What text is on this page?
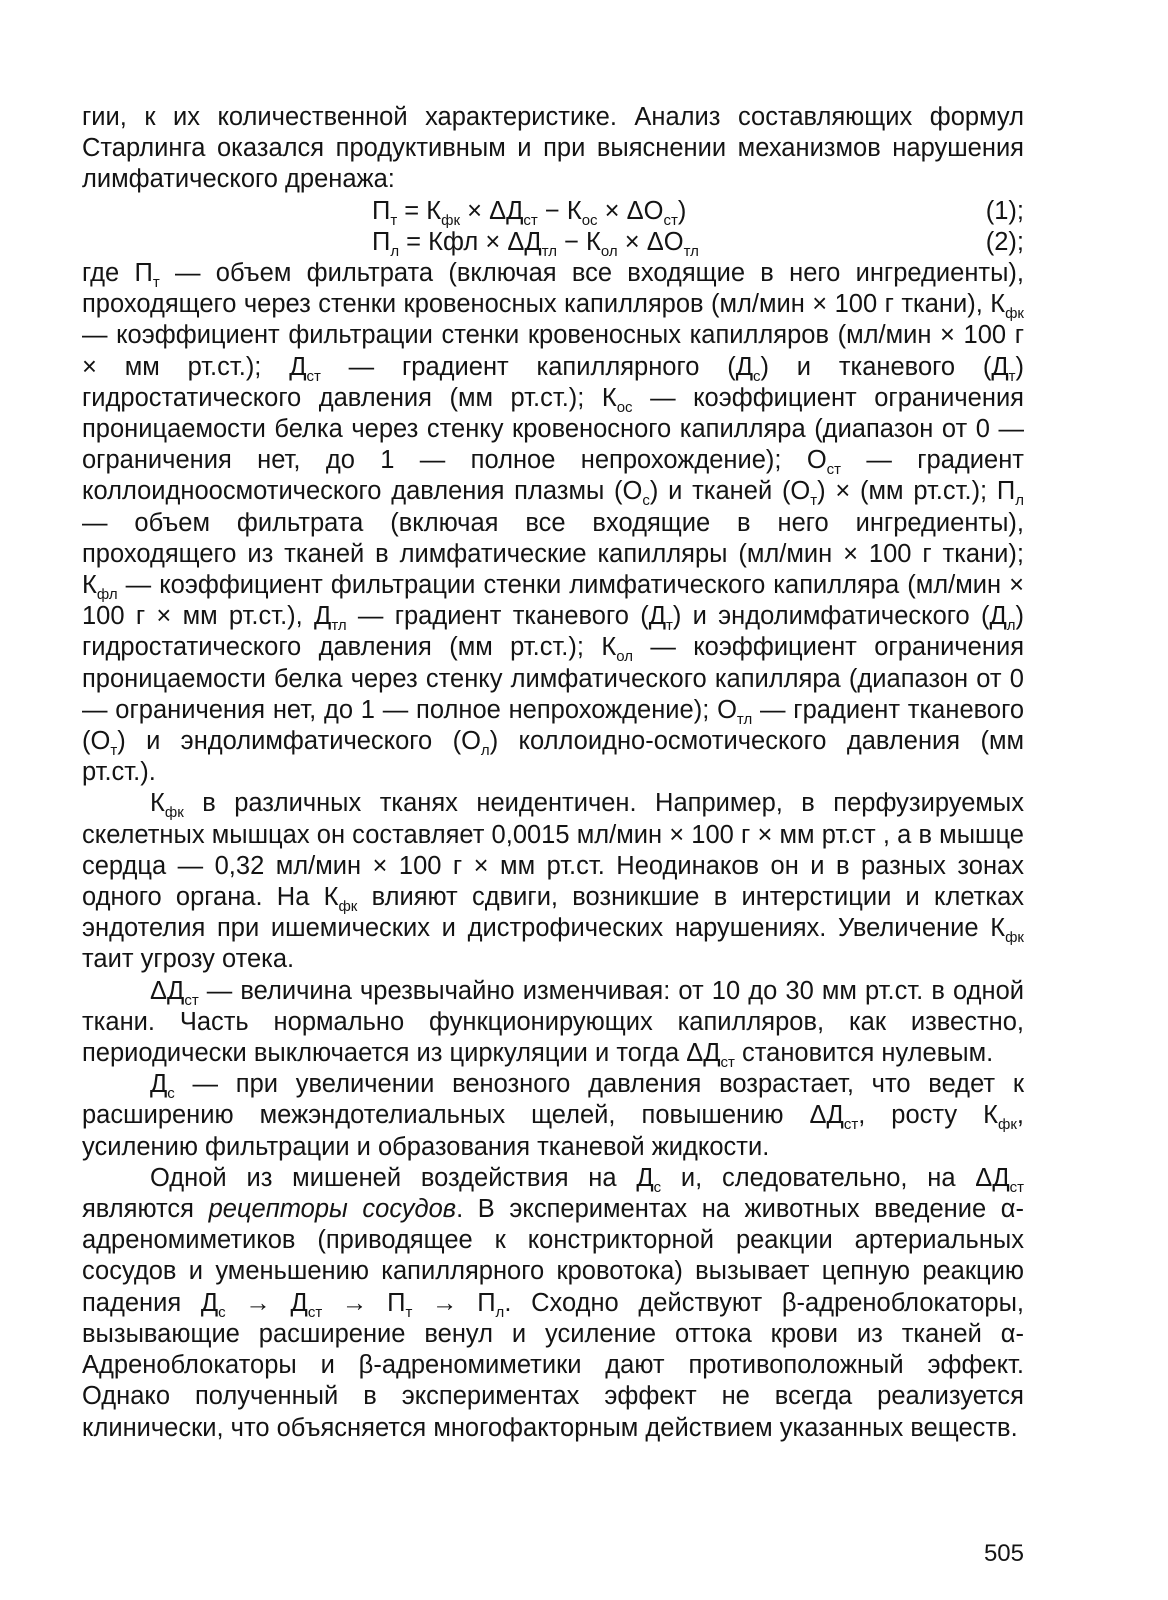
гии, к их количественной характеристике. Анализ составляющих формул Старлинга оказался продуктивным и при выяснении механизмов нарушения лимфатического дренажа:

$П_т = К_{фк} \times \Delta Д_{ст} - К_{ос} \times \Delta О_{ст}$)	(1);
$П_л$ = Кфл × $\Delta Д_{тл} - К_{ол} \times \Delta О_{тл}$	(2);

где $П_т$ — объем фильтрата (включая все входящие в него ингредиенты), проходящего через стенки кровеносных капилляров (мл/мин × 100 г ткани), $К_{фк}$ — коэффициент фильтрации стенки кровеносных капилляров (мл/мин × 100 г × мм рт.ст.); $Д_{ст}$ — градиент капиллярного $(Д_с)$ и тканевого $(Д_т)$ гидростатического давления (мм рт.ст.); $К_{ос}$ — коэффициент ограничения проницаемости белка через стенку кровеносного капилляра (диапазон от 0 — ограничения нет, до 1 — полное непрохождение); $О_{ст}$ — градиент коллоидноосмотического давления плазмы $(О_с)$ и тканей $(О_т) \times (мм$ рт.ст.); $П_л$ — объем фильтрата (включая все входящие в него ингредиенты), проходящего из тканей в лимфатические капилляры (мл/мин × 100 г ткани); $К_{фл}$ — коэффициент фильтрации стенки лимфатического капилляра (мл/мин × 100 г × мм рт.ст.), $Д_{тл}$ — градиент тканевого $(Д_т)$ и эндолимфатического $(Д_л)$ гидростатического давления (мм рт.ст.); $К_{ол}$ — коэффициент ограничения проницаемости белка через стенку лимфатического капилляра (диапазон от 0 — ограничения нет, до 1 — полное непрохождение); $О_{тл}$ — градиент тканевого $(О_т)$ и эндолимфатического $(О_л)$ коллоидно-осмотического давления (мм рт.ст.).

$К_{фк}$ в различных тканях неидентичен. Например, в перфузируемых скелетных мышцах он составляет 0,0015 мл/мин × 100 г × мм рт.ст , а в мышце сердца — 0,32 мл/мин × 100 г × мм рт.ст. Неодинаков он и в разных зонах одного органа. На $К_{фк}$ влияют сдвиги, возникшие в интерстиции и клетках эндотелия при ишемических и дистрофических нарушениях. Увеличение $К_{фк}$ таит угрозу отека.

$\Delta Д_{ст}$ — величина чрезвычайно изменчивая: от 10 до 30 мм рт.ст. в одной ткани. Часть нормально функционирующих капилляров, как известно, периодически выключается из циркуляции и тогда $\Delta Д_{ст}$ становится нулевым.

$Д_с$ — при увеличении венозного давления возрастает, что ведет к расширению межэндотелиальных щелей, повышению $\Delta Д_{ст}$, росту $К_{фк}$, усилению фильтрации и образования тканевой жидкости.

Одной из мишеней воздействия на $Д_с$ и, следовательно, на $\Delta Д_{ст}$ являются рецепторы сосудов. В экспериментах на животных введение α-адреномиметиков (приводящее к констрикторной реакции артериальных сосудов и уменьшению капиллярного кровотока) вызывает цепную реакцию падения $Д_с \to Д_{ст} \to П_т \to П_л$. Сходно действуют β-адреноблокаторы, вызывающие расширение венул и усиление оттока крови из тканей α-Адреноблокаторы и β-адреномиметики дают противоположный эффект. Однако полученный в экспериментах эффект не всегда реализуется клинически, что объясняется многофакторным действием указанных веществ.

505
